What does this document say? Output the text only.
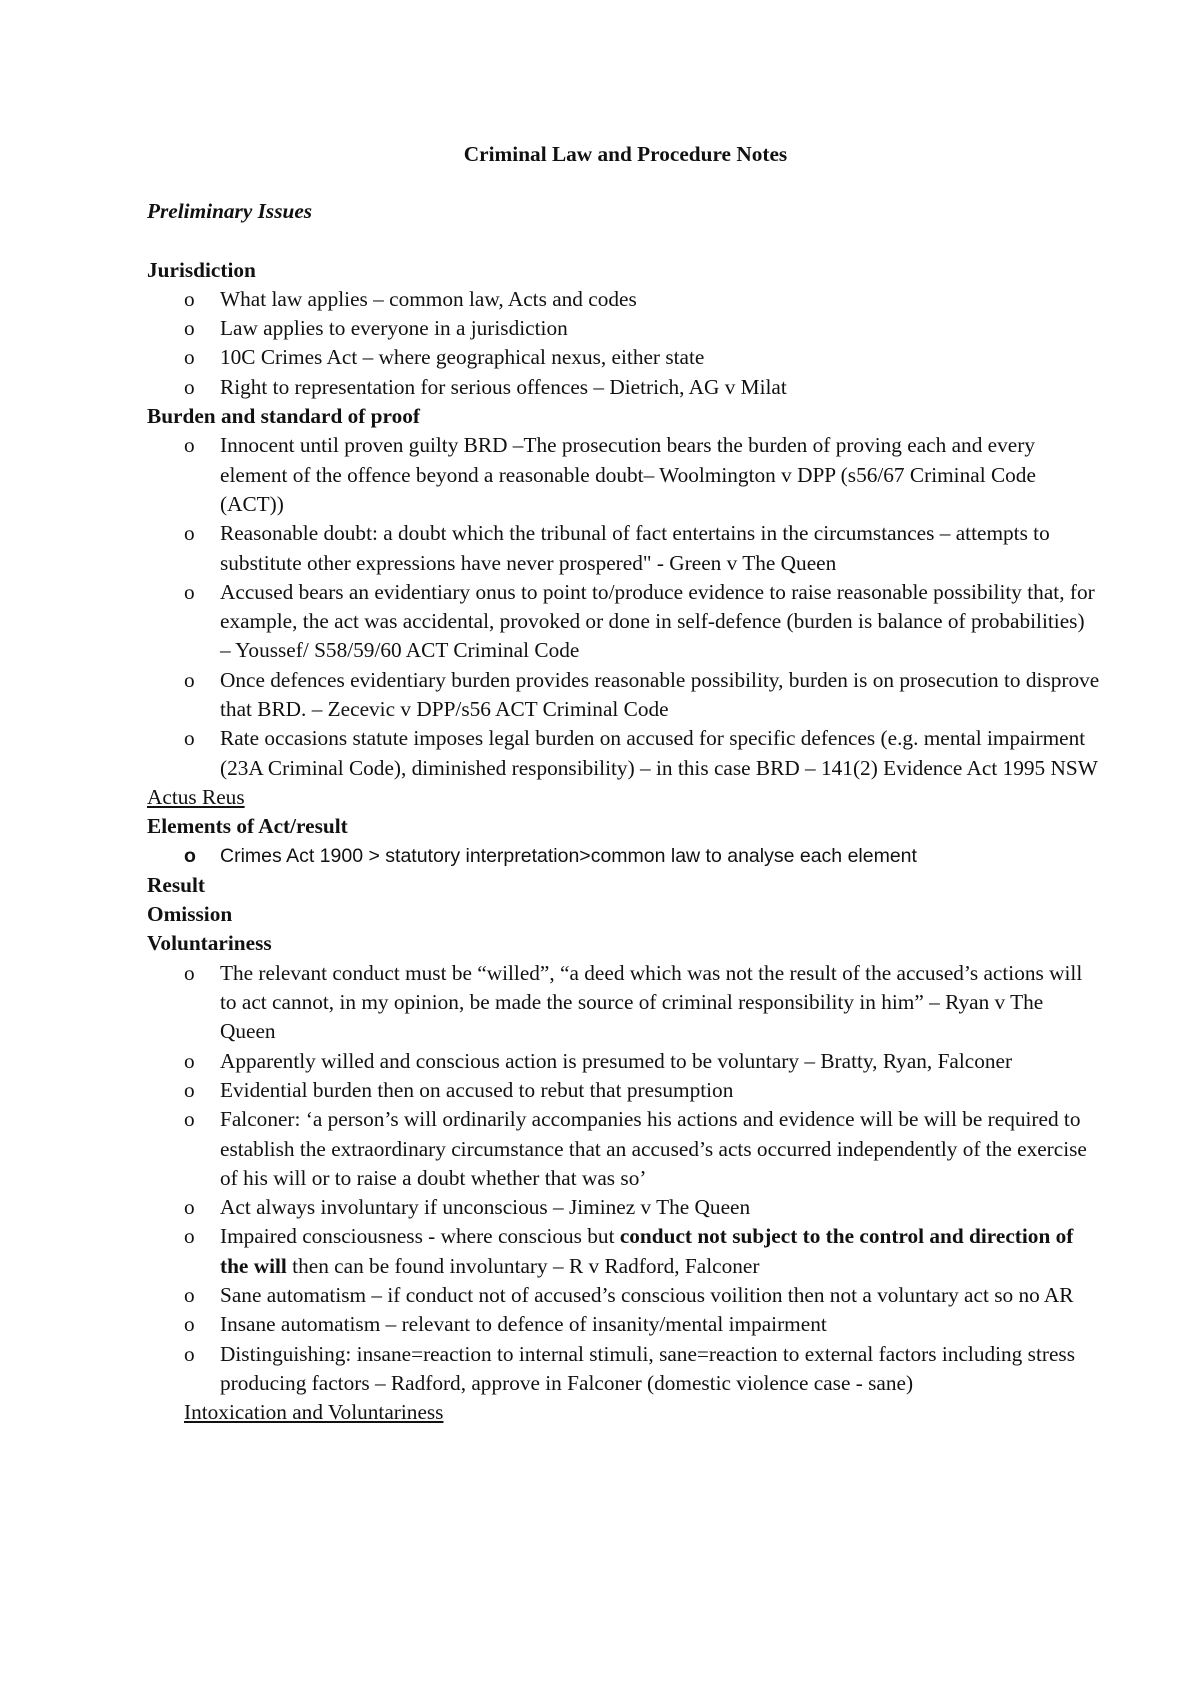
Criminal Law and Procedure Notes
Preliminary Issues
Jurisdiction
o What law applies – common law, Acts and codes
o Law applies to everyone in a jurisdiction
o 10C Crimes Act – where geographical nexus, either state
o Right to representation for serious offences – Dietrich, AG v Milat
Burden and standard of proof
o Innocent until proven guilty BRD –The prosecution bears the burden of proving each and every element of the offence beyond a reasonable doubt– Woolmington v DPP (s56/67 Criminal Code (ACT))
o Reasonable doubt: a doubt which the tribunal of fact entertains in the circumstances – attempts to substitute other expressions have never prospered" - Green v The Queen
o Accused bears an evidentiary onus to point to/produce evidence to raise reasonable possibility that, for example, the act was accidental, provoked or done in self-defence (burden is balance of probabilities) – Youssef/ S58/59/60 ACT Criminal Code
o Once defences evidentiary burden provides reasonable possibility, burden is on prosecution to disprove that BRD. – Zecevic v DPP/s56 ACT Criminal Code
o Rate occasions statute imposes legal burden on accused for specific defences (e.g. mental impairment (23A Criminal Code), diminished responsibility) – in this case BRD – 141(2) Evidence Act 1995 NSW
Actus Reus
Elements of Act/result
o Crimes Act 1900 > statutory interpretation>common law to analyse each element
Result
Omission
Voluntariness
o The relevant conduct must be “willed”, “a deed which was not the result of the accused’s actions will to act cannot, in my opinion, be made the source of criminal responsibility in him” – Ryan v The Queen
o Apparently willed and conscious action is presumed to be voluntary – Bratty, Ryan, Falconer
o Evidential burden then on accused to rebut that presumption
o Falconer: ‘a person’s will ordinarily accompanies his actions and evidence will be will be required to establish the extraordinary circumstance that an accused’s acts occurred independently of the exercise of his will or to raise a doubt whether that was so’
o Act always involuntary if unconscious – Jiminez v The Queen
o Impaired consciousness - where conscious but conduct not subject to the control and direction of the will then can be found involuntary – R v Radford, Falconer
o Sane automatism – if conduct not of accused’s conscious voilition then not a voluntary act so no AR
o Insane automatism – relevant to defence of insanity/mental impairment
o Distinguishing: insane=reaction to internal stimuli, sane=reaction to external factors including stress producing factors – Radford, approve in Falconer (domestic violence case - sane)
Intoxication and Voluntariness
